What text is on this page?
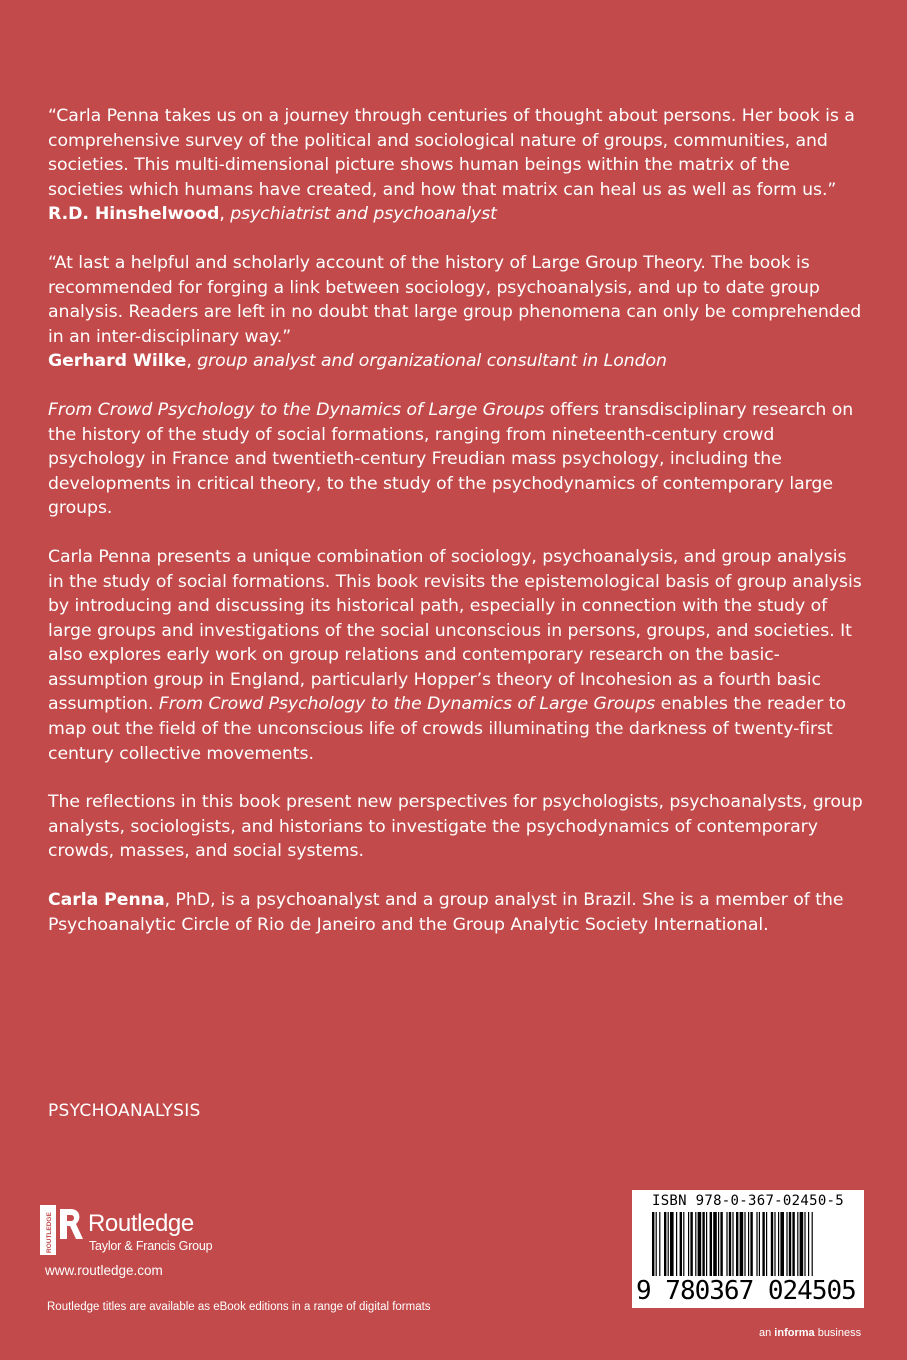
“Carla Penna takes us on a journey through centuries of thought about persons. Her book is a comprehensive survey of the political and sociological nature of groups, communities, and societies. This multi-dimensional picture shows human beings within the matrix of the societies which humans have created, and how that matrix can heal us as well as form us.”

R.D. Hinshelwood, psychiatrist and psychoanalyst

“At last a helpful and scholarly account of the history of Large Group Theory. The book is recommended for forging a link between sociology, psychoanalysis, and up to date group analysis. Readers are left in no doubt that large group phenomena can only be comprehended in an inter-disciplinary way.”

Gerhard Wilke, group analyst and organizational consultant in London

From Crowd Psychology to the Dynamics of Large Groups offers transdisciplinary research on the history of the study of social formations, ranging from nineteenth-century crowd psychology in France and twentieth-century Freudian mass psychology, including the developments in critical theory, to the study of the psychodynamics of contemporary large groups.

Carla Penna presents a unique combination of sociology, psychoanalysis, and group analysis in the study of social formations. This book revisits the epistemological basis of group analysis by introducing and discussing its historical path, especially in connection with the study of large groups and investigations of the social unconscious in persons, groups, and societies. It also explores early work on group relations and contemporary research on the basic-assumption group in England, particularly Hopper’s theory of Incohesion as a fourth basic assumption. From Crowd Psychology to the Dynamics of Large Groups enables the reader to map out the field of the unconscious life of crowds illuminating the darkness of twenty-first century collective movements.

The reflections in this book present new perspectives for psychologists, psychoanalysts, group analysts, sociologists, and historians to investigate the psychodynamics of contemporary crowds, masses, and social systems.

Carla Penna, PhD, is a psychoanalyst and a group analyst in Brazil. She is a member of the Psychoanalytic Circle of Rio de Janeiro and the Group Analytic Society International.

PSYCHOANALYSIS
ROUTLEDGE Routledge
Taylor & Francis Group
www.routledge.com
Routledge titles are available as eBook editions in a range of digital formats
ISBN 978-0-367-02450-5
9 780367 024505
an informa business
